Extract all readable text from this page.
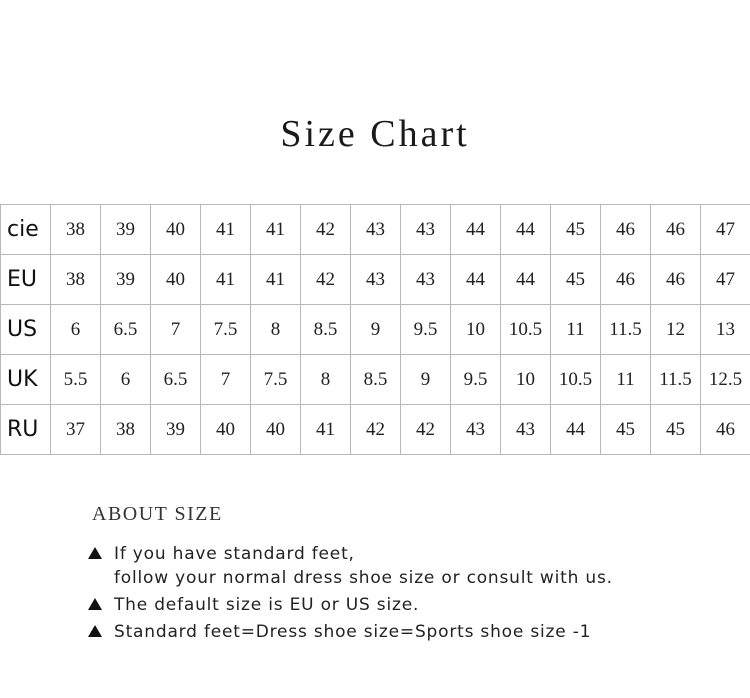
Size Chart
cie	38	39	40	41	41	42	43	43	44	44	45	46	46	47
EU	38	39	40	41	41	42	43	43	44	44	45	46	46	47
US	6	6.5	7	7.5	8	8.5	9	9.5	10	10.5	11	11.5	12	13
UK	5.5	6	6.5	7	7.5	8	8.5	9	9.5	10	10.5	11	11.5	12.5
RU	37	38	39	40	40	41	42	42	43	43	44	45	45	46
ABOUT SIZE
If you have standard feet,
follow your normal dress shoe size or consult with us.
The default size is EU or US size.
Standard feet=Dress shoe size=Sports shoe size -1
